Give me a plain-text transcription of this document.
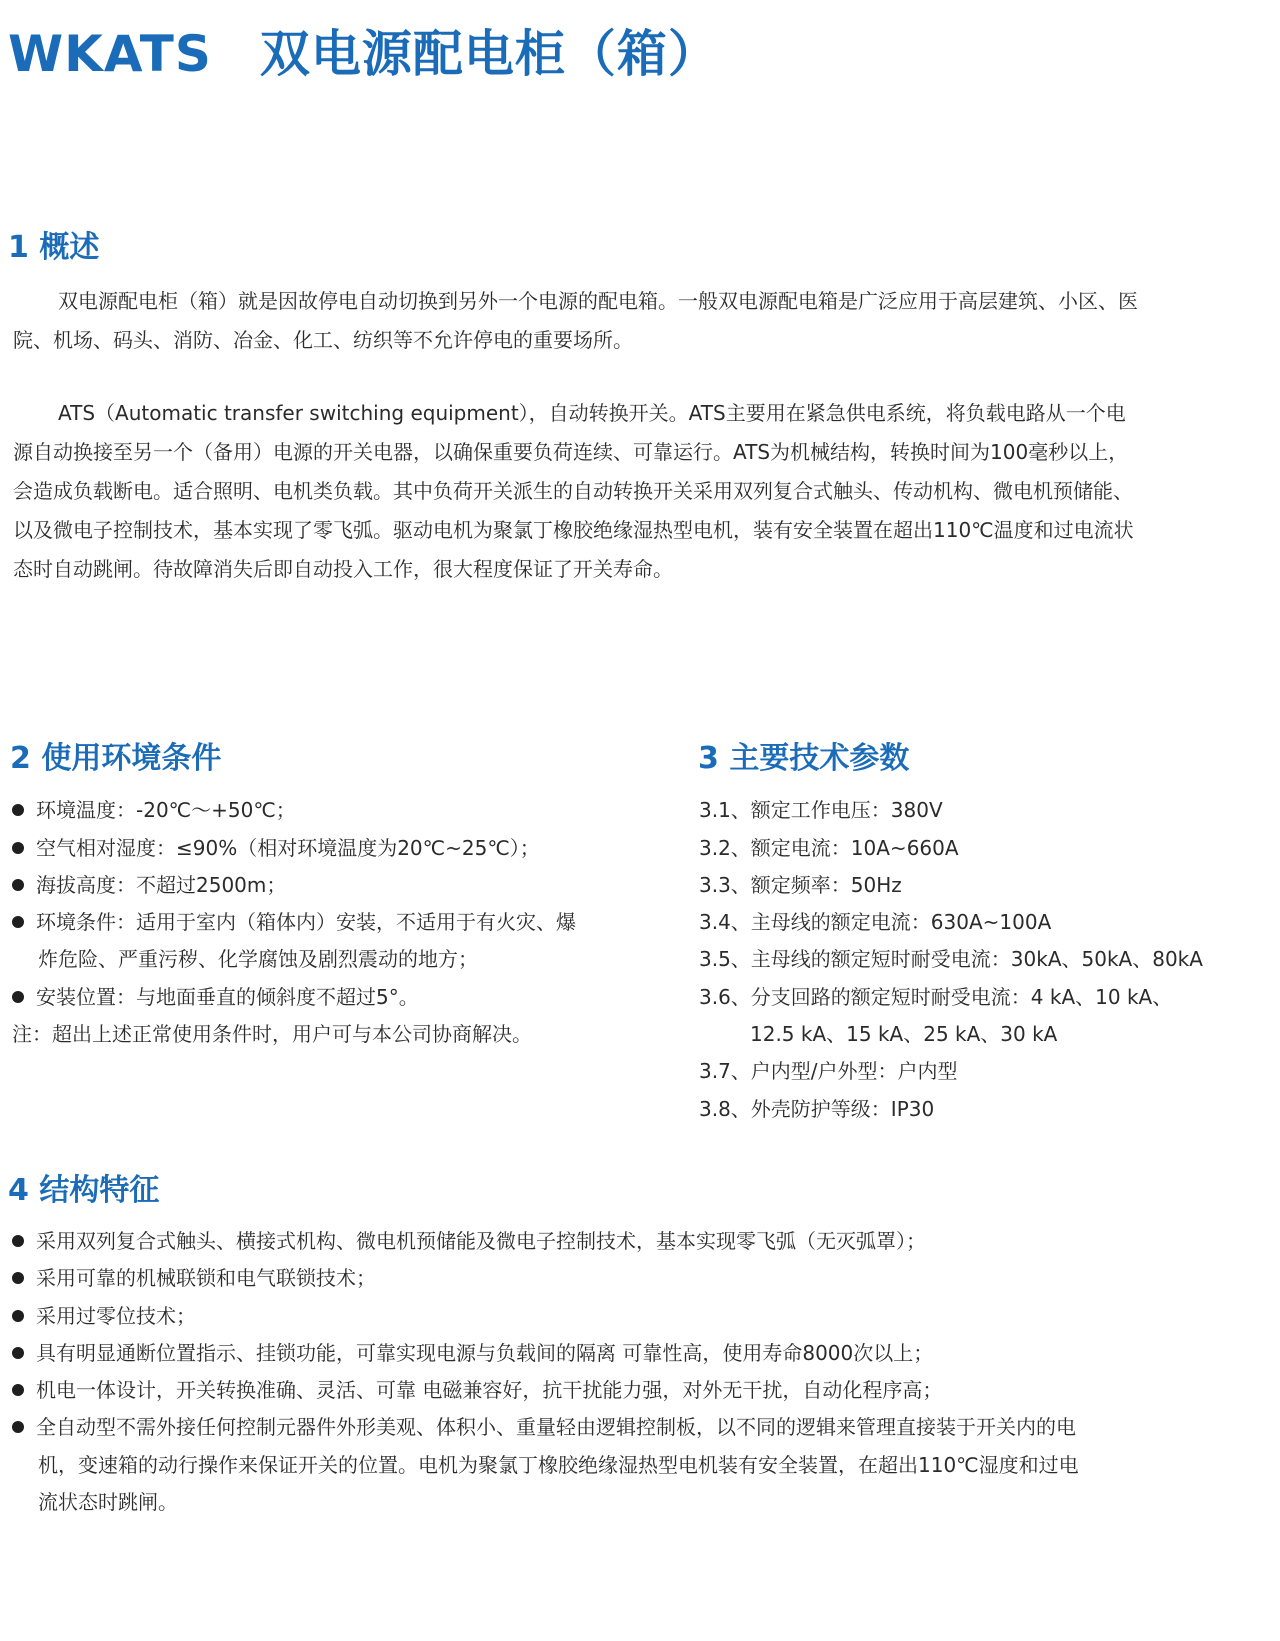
WKATS 双电源配电柜（箱）
1 概述
双电源配电柜（箱）就是因故停电自动切换到另外一个电源的配电箱。一般双电源配电箱是广泛应用于高层建筑、小区、医院、机场、码头、消防、冶金、化工、纺织等不允许停电的重要场所。
ATS（Automatic transfer switching equipment），自动转换开关。ATS主要用在紧急供电系统，将负载电路从一个电源自动换接至另一个（备用）电源的开关电器，以确保重要负荷连续、可靠运行。ATS为机械结构，转换时间为100毫秒以上，会造成负载断电。适合照明、电机类负载。其中负荷开关派生的自动转换开关采用双列复合式触头、传动机构、微电机预储能、以及微电子控制技术，基本实现了零飞弧。驱动电机为聚氯丁橡胶绝缘湿热型电机，装有安全装置在超出110℃温度和过电流状态时自动跳闸。待故障消失后即自动投入工作，很大程度保证了开关寿命。
2 使用环境条件
环境温度：-20℃～+50℃；
空气相对湿度：≤90%（相对环境温度为20℃~25℃）；
海拔高度：不超过2500m；
环境条件：适用于室内（箱体内）安装，不适用于有火灾、爆
炸危险、严重污秽、化学腐蚀及剧烈震动的地方；
安装位置：与地面垂直的倾斜度不超过5°。
注：超出上述正常使用条件时，用户可与本公司协商解决。
3 主要技术参数
3.1、额定工作电压：380V
3.2、额定电流：10A~660A
3.3、额定频率：50Hz
3.4、主母线的额定电流：630A~100A
3.5、主母线的额定短时耐受电流：30kA、50kA、80kA
3.6、分支回路的额定短时耐受电流：4 kA、10 kA、
12.5 kA、15 kA、25 kA、30 kA
3.7、户内型/户外型：户内型
3.8、外壳防护等级：IP30
4 结构特征
采用双列复合式触头、横接式机构、微电机预储能及微电子控制技术，基本实现零飞弧（无灭弧罩）；
采用可靠的机械联锁和电气联锁技术；
采用过零位技术；
具有明显通断位置指示、挂锁功能，可靠实现电源与负载间的隔离 可靠性高，使用寿命8000次以上；
机电一体设计，开关转换准确、灵活、可靠 电磁兼容好，抗干扰能力强，对外无干扰，自动化程序高；
全自动型不需外接任何控制元器件外形美观、体积小、重量轻由逻辑控制板，以不同的逻辑来管理直接装于开关内的电
机，变速箱的动行操作来保证开关的位置。电机为聚氯丁橡胶绝缘湿热型电机装有安全装置，在超出110℃湿度和过电
流状态时跳闸。
